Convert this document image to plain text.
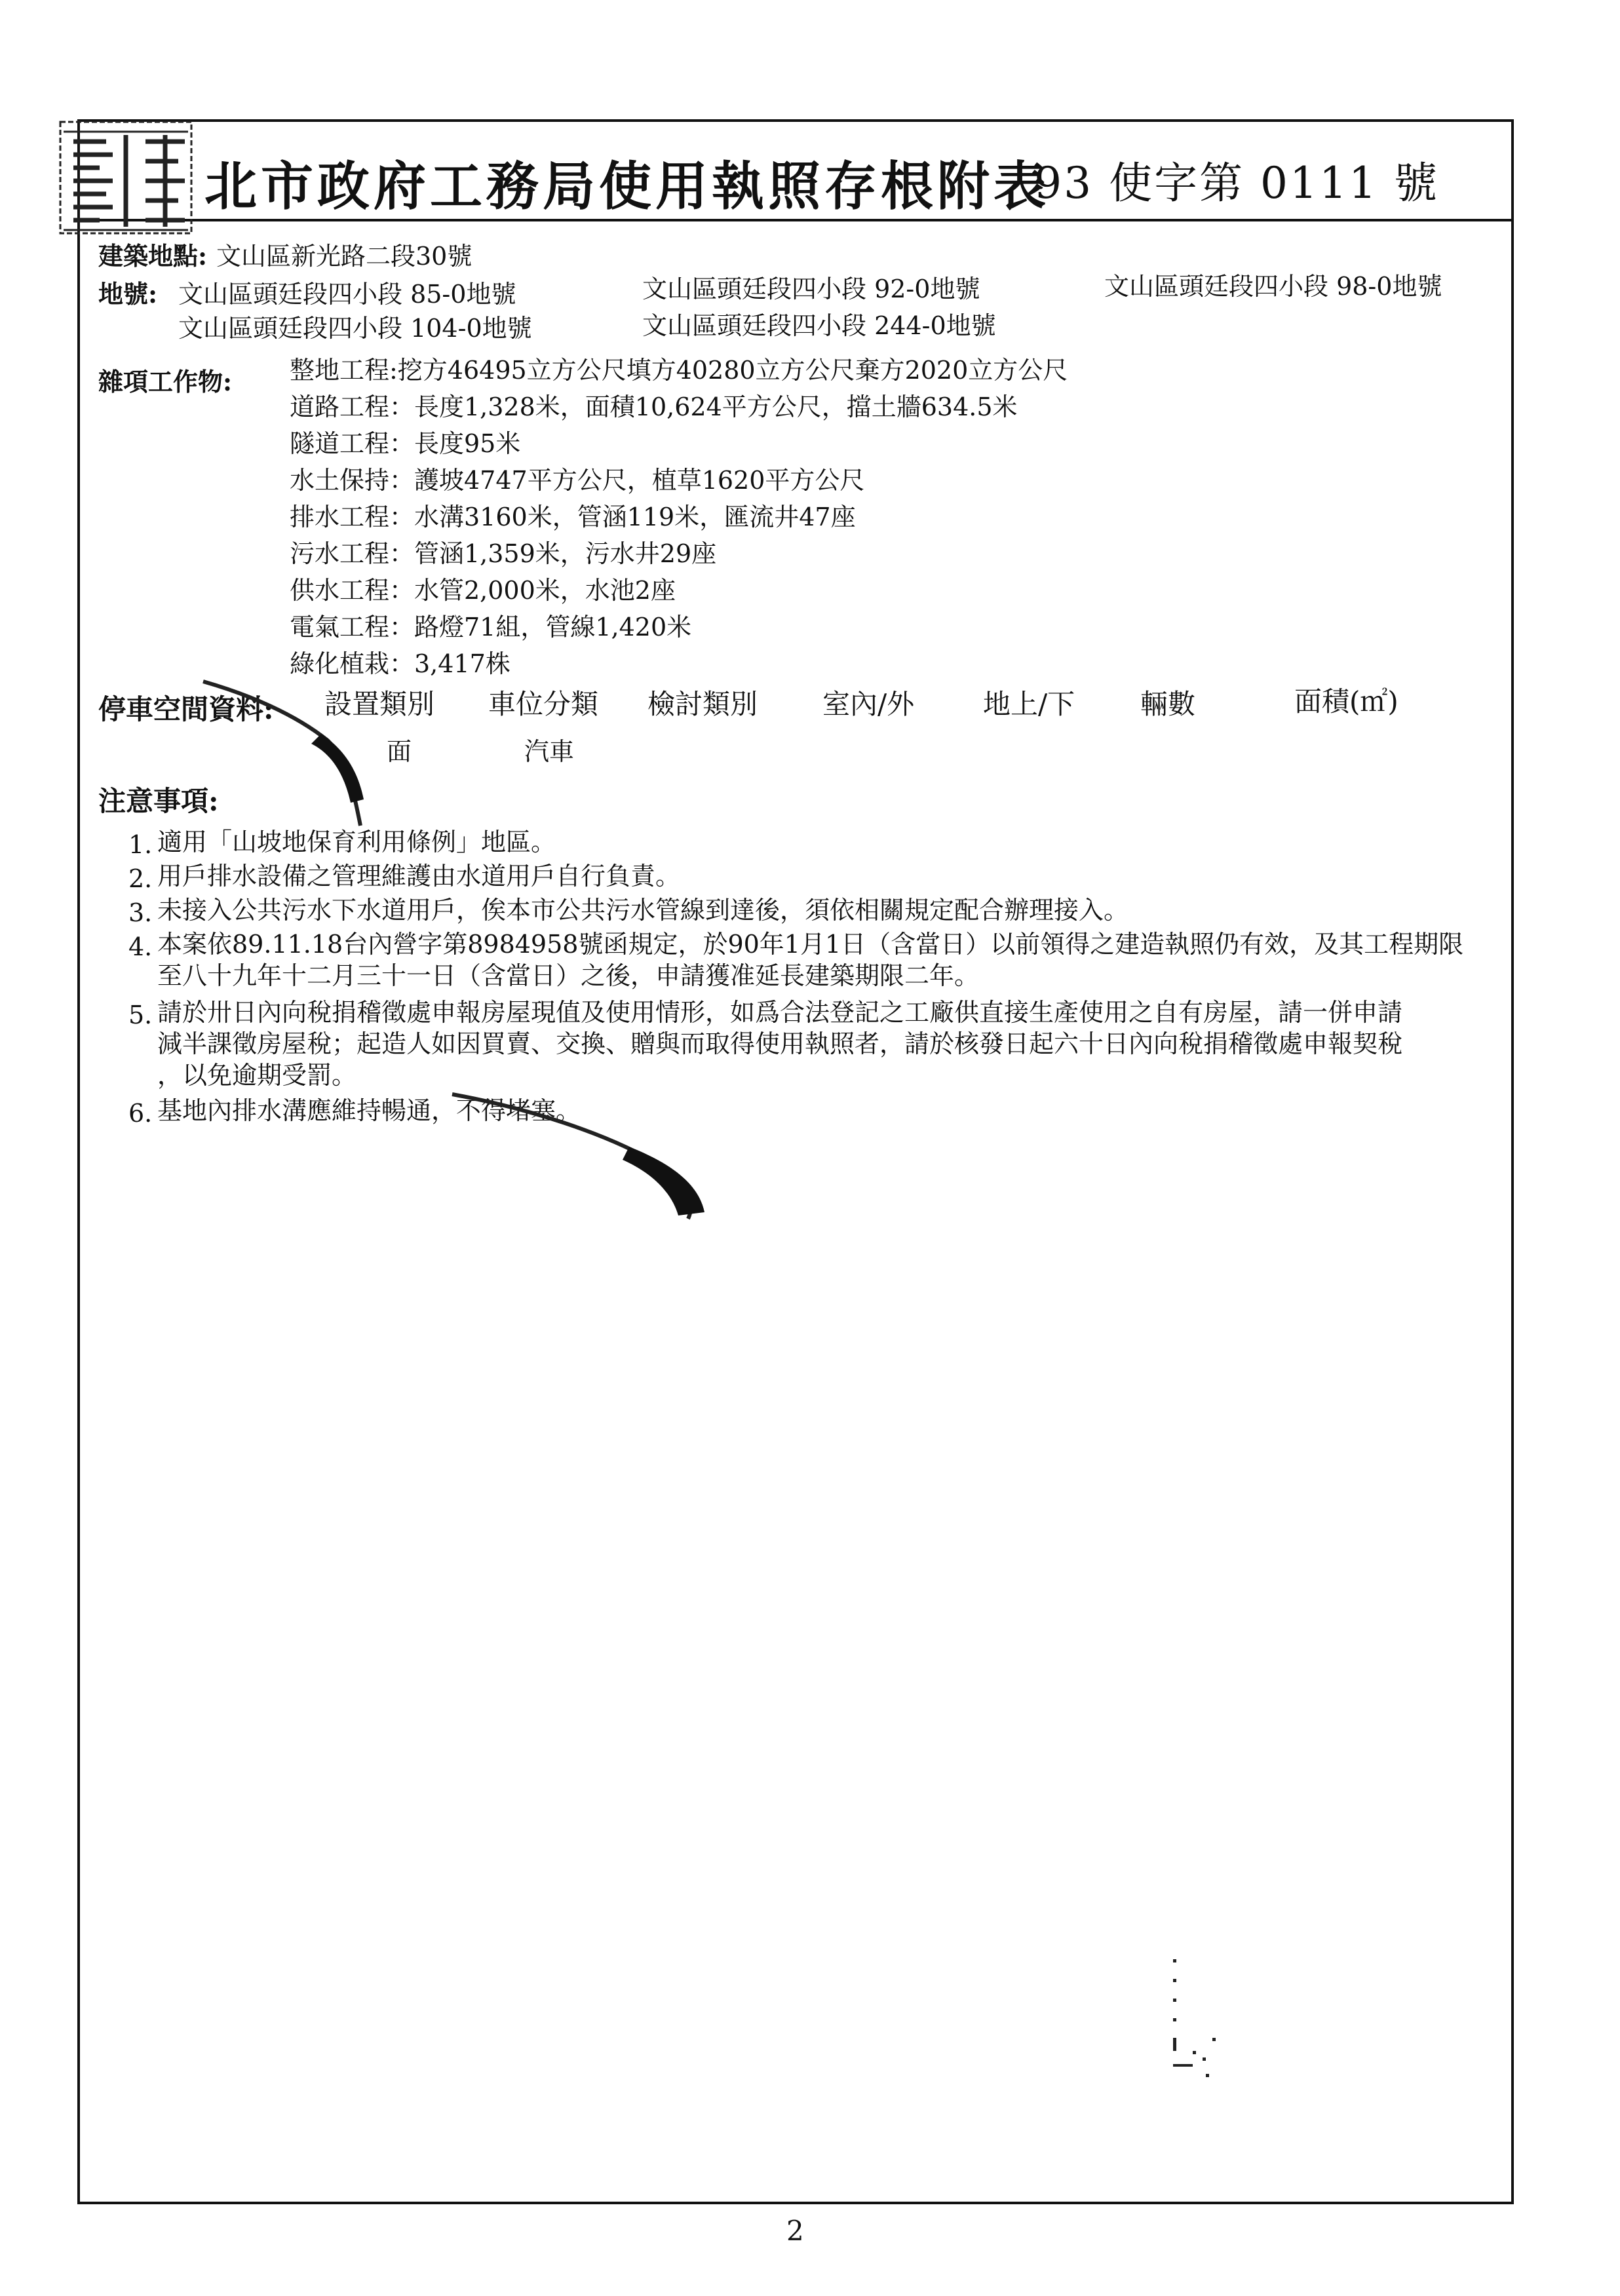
北市政府工務局使用執照存根附表
93 使字第 0111 號
建築地點: 文山區新光路二段30號
地號: 文山區頭廷段四小段 85-0地號	文山區頭廷段四小段 92-0地號	文山區頭廷段四小段 98-0地號
文山區頭廷段四小段 104-0地號	文山區頭廷段四小段 244-0地號
雜項工作物: 整地工程:挖方46495立方公尺填方40280立方公尺棄方2020立方公尺
道路工程：長度1,328米，面積10,624平方公尺，擋土牆634.5米
隧道工程：長度95米
水土保持：護坡4747平方公尺，植草1620平方公尺
排水工程：水溝3160米，管涵119米，匯流井47座
污水工程：管涵1,359米，污水井29座
供水工程：水管2,000米，水池2座
電氣工程：路燈71組，管線1,420米
綠化植栽：3,417株
停車空間資料: 設置類別 車位分類 檢討類別 室內/外 地上/下 輛數	面積(㎡)
面	汽車
注意事項:
1. 適用「山坡地保育利用條例」地區。
2. 用戶排水設備之管理維護由水道用戶自行負責。
3. 未接入公共污水下水道用戶，俟本市公共污水管線到達後，須依相關規定配合辦理接入。
4. 本案依89.11.18台內營字第8984958號函規定，於90年1月1日（含當日）以前領得之建造執照仍有效，及其工程期限
至八十九年十二月三十一日（含當日）之後，申請獲准延長建築期限二年。
5. 請於卅日內向稅捐稽徵處申報房屋現值及使用情形，如爲合法登記之工廠供直接生產使用之自有房屋，請一併申請
減半課徵房屋稅；起造人如因買賣、交換、贈與而取得使用執照者，請於核發日起六十日內向稅捐稽徵處申報契稅
，以免逾期受罰。
6. 基地內排水溝應維持暢通，不得堵塞。
2
